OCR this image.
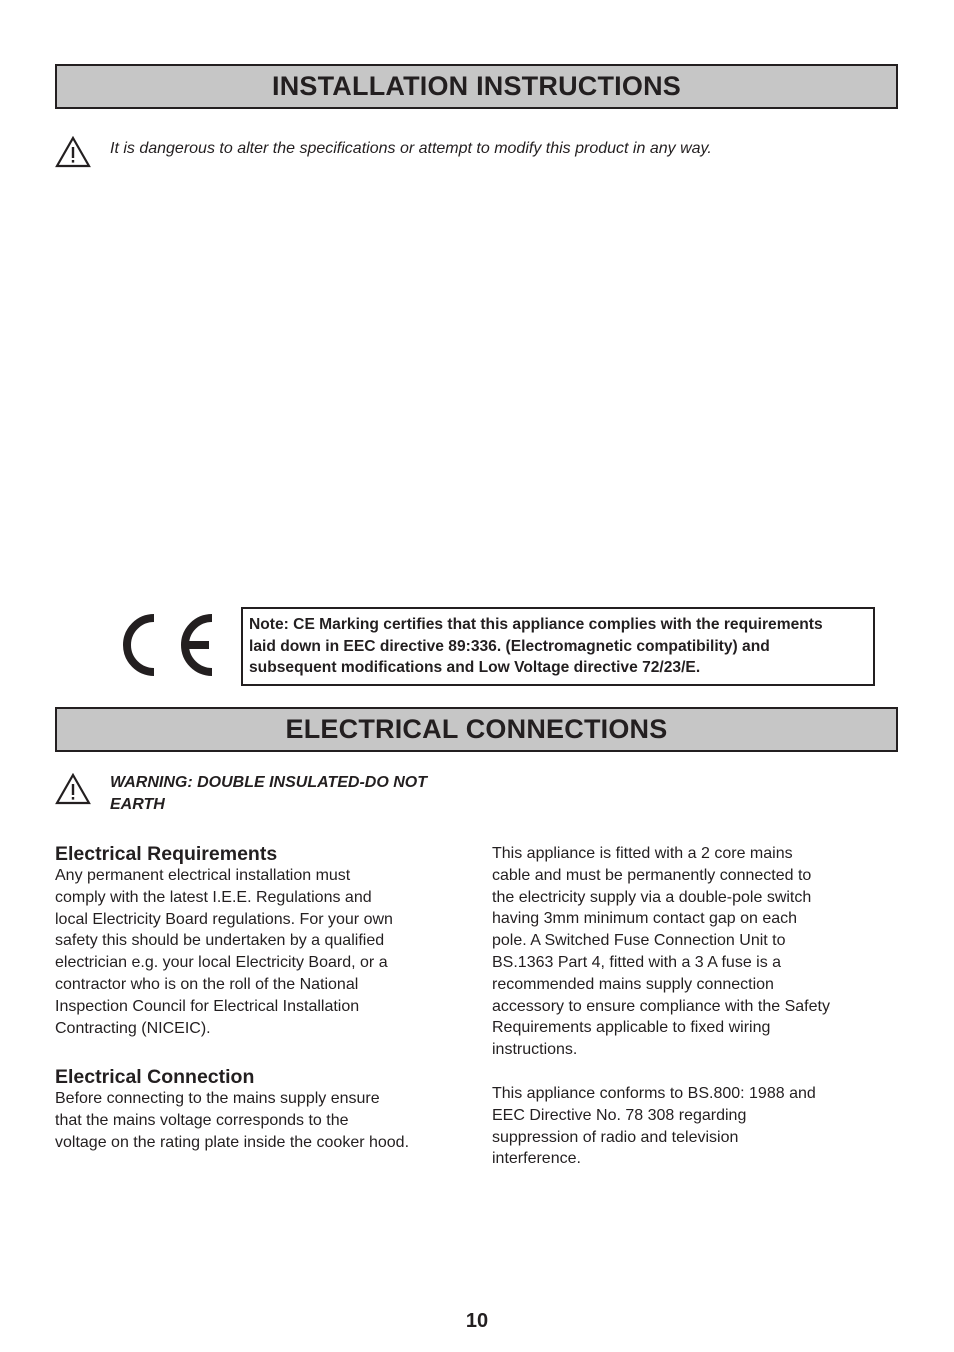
INSTALLATION INSTRUCTIONS
It is dangerous to alter the specifications or attempt to modify this product in any way.
Note: CE Marking certifies that this appliance complies with the requirements
laid down in EEC directive 89:336. (Electromagnetic compatibility) and
subsequent modifications and Low Voltage directive 72/23/E.
ELECTRICAL CONNECTIONS
WARNING: DOUBLE INSULATED-DO NOT
EARTH
Electrical Requirements
Any permanent electrical installation must
comply with the latest I.E.E. Regulations and
local Electricity Board regulations. For your own
safety this should be undertaken by a qualified
electrician e.g. your local Electricity Board, or a
contractor who is on the roll of the National
Inspection Council for Electrical Installation
Contracting (NICEIC).
Electrical Connection
Before connecting to the mains supply ensure
that the mains voltage corresponds to the
voltage on the rating plate inside the cooker hood.
This appliance is fitted with a 2 core mains
cable and must be permanently connected to
the electricity supply via a double-pole switch
having 3mm minimum contact gap on each
pole. A Switched Fuse Connection Unit to
BS.1363 Part 4, fitted with a 3 A fuse is a
recommended mains supply connection
accessory to ensure compliance with the Safety
Requirements applicable to fixed wiring
instructions.
This appliance conforms to BS.800: 1988 and
EEC Directive No. 78 308 regarding
suppression of radio and television
interference.
10
